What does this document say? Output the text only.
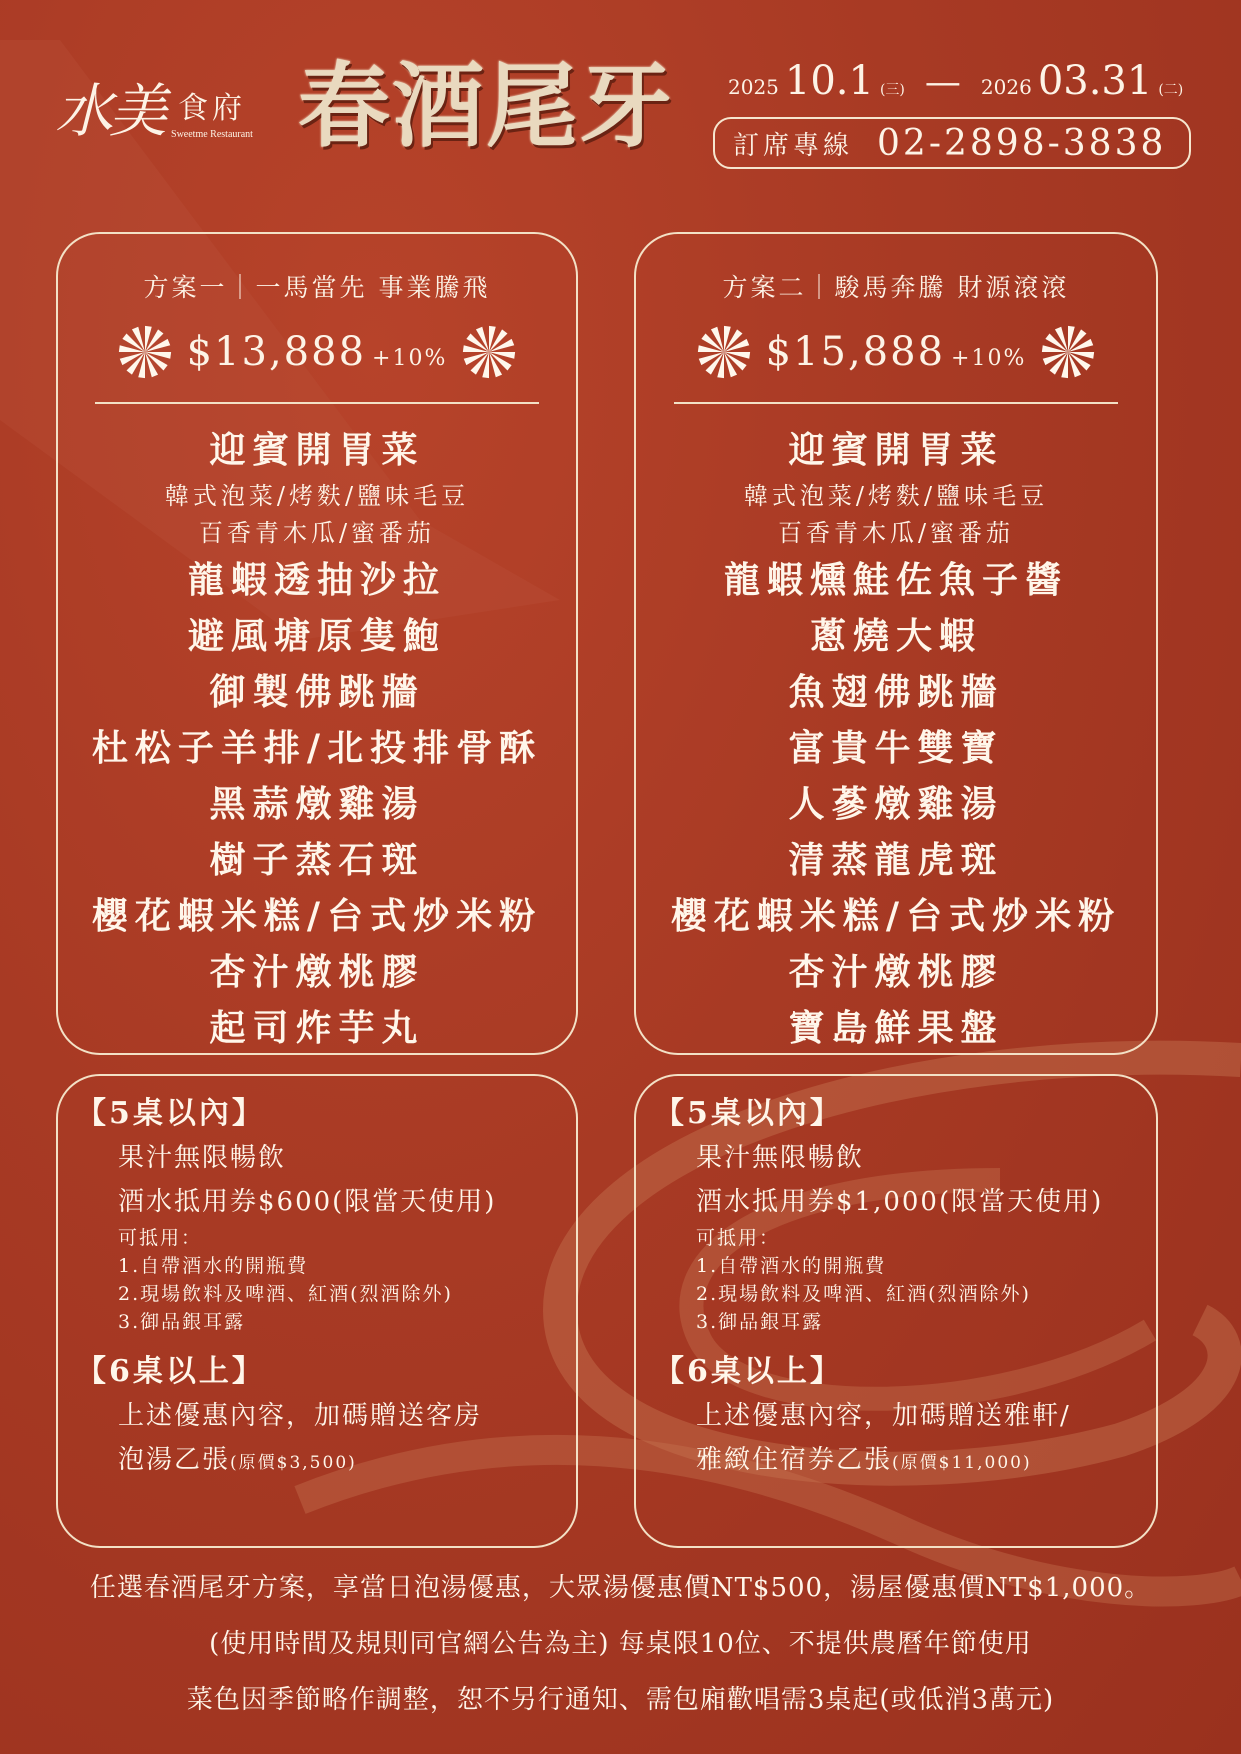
水美 食府
Sweetme Restaurant 春酒尾牙	2025 10.1 (三) — 2026 03.31 (二)
訂席專線 02-2898-3838
方案一｜一馬當先 事業騰飛
$13,888 +10%
迎賓開胃菜
韓式泡菜/烤麩/鹽味毛豆
百香青木瓜/蜜番茄
龍蝦透抽沙拉
避風塘原隻鮑
御製佛跳牆
杜松子羊排/北投排骨酥
黑蒜燉雞湯
樹子蒸石斑
櫻花蝦米糕/台式炒米粉
杏汁燉桃膠
起司炸芋丸
方案二｜駿馬奔騰 財源滾滾
$15,888 +10%
迎賓開胃菜
韓式泡菜/烤麩/鹽味毛豆
百香青木瓜/蜜番茄
龍蝦燻鮭佐魚子醬
蔥燒大蝦
魚翅佛跳牆
富貴牛雙寶
人蔘燉雞湯
清蒸龍虎斑
櫻花蝦米糕/台式炒米粉
杏汁燉桃膠
寶島鮮果盤
【5桌以內】
果汁無限暢飲
酒水抵用券$600(限當天使用)
可抵用：
1.自帶酒水的開瓶費
2.現場飲料及啤酒、紅酒(烈酒除外)
3.御品銀耳露
【6桌以上】
上述優惠內容，加碼贈送客房
泡湯乙張(原價$3,500)
【5桌以內】
果汁無限暢飲
酒水抵用券$1,000(限當天使用)
可抵用：
1.自帶酒水的開瓶費
2.現場飲料及啤酒、紅酒(烈酒除外)
3.御品銀耳露
【6桌以上】
上述優惠內容，加碼贈送雅軒/
雅緻住宿券乙張(原價$11,000)

任選春酒尾牙方案，享當日泡湯優惠，大眾湯優惠價NT$500，湯屋優惠價NT$1,000。

(使用時間及規則同官網公告為主) 每桌限10位、不提供農曆年節使用

菜色因季節略作調整，恕不另行通知、需包廂歡唱需3桌起(或低消3萬元)
